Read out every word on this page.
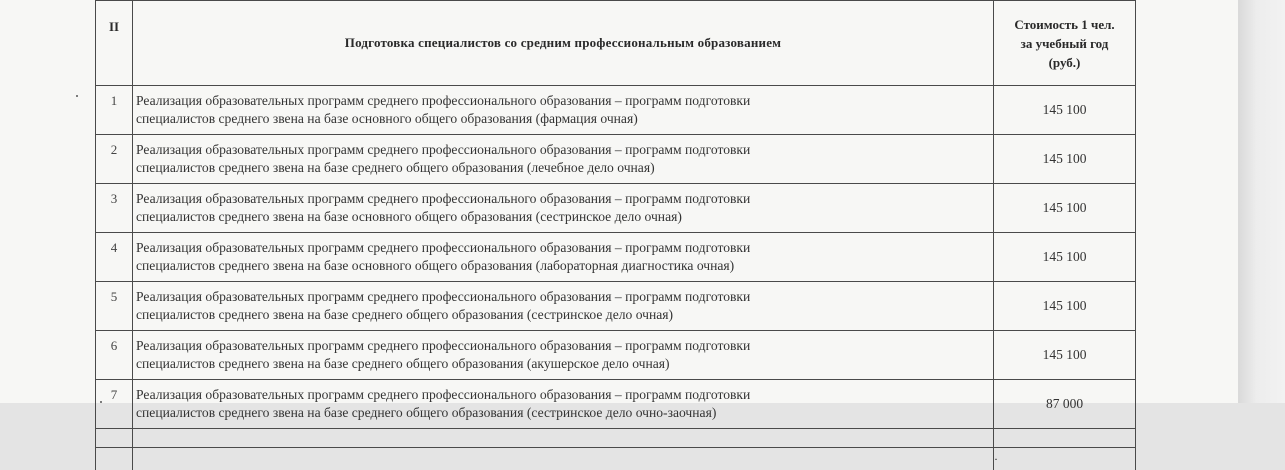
II	Подготовка специалистов со средним профессиональным образованием	Стоимость 1 чел.
за учебный год
(руб.)

1	Реализация образовательных программ среднего профессионального образования – программ подготовки
специалистов среднего звена на базе основного общего образования (фармация очная)	145 100
2	Реализация образовательных программ среднего профессионального образования – программ подготовки
специалистов среднего звена на базе среднего общего образования (лечебное дело очная)	145 100
3	Реализация образовательных программ среднего профессионального образования – программ подготовки
специалистов среднего звена на базе основного общего образования (сестринское дело очная)	145 100
4	Реализация образовательных программ среднего профессионального образования – программ подготовки
специалистов среднего звена на базе основного общего образования (лабораторная диагностика очная)	145 100
5	Реализация образовательных программ среднего профессионального образования – программ подготовки
специалистов среднего звена на базе среднего общего образования (сестринское дело очная)	145 100
6	Реализация образовательных программ среднего профессионального образования – программ подготовки
специалистов среднего звена на базе среднего общего образования (акушерское дело очная)	145 100
7	Реализация образовательных программ среднего профессионального образования – программ подготовки
специалистов среднего звена на базе среднего общего образования (сестринское дело очно-заочная)	87 000

		·
